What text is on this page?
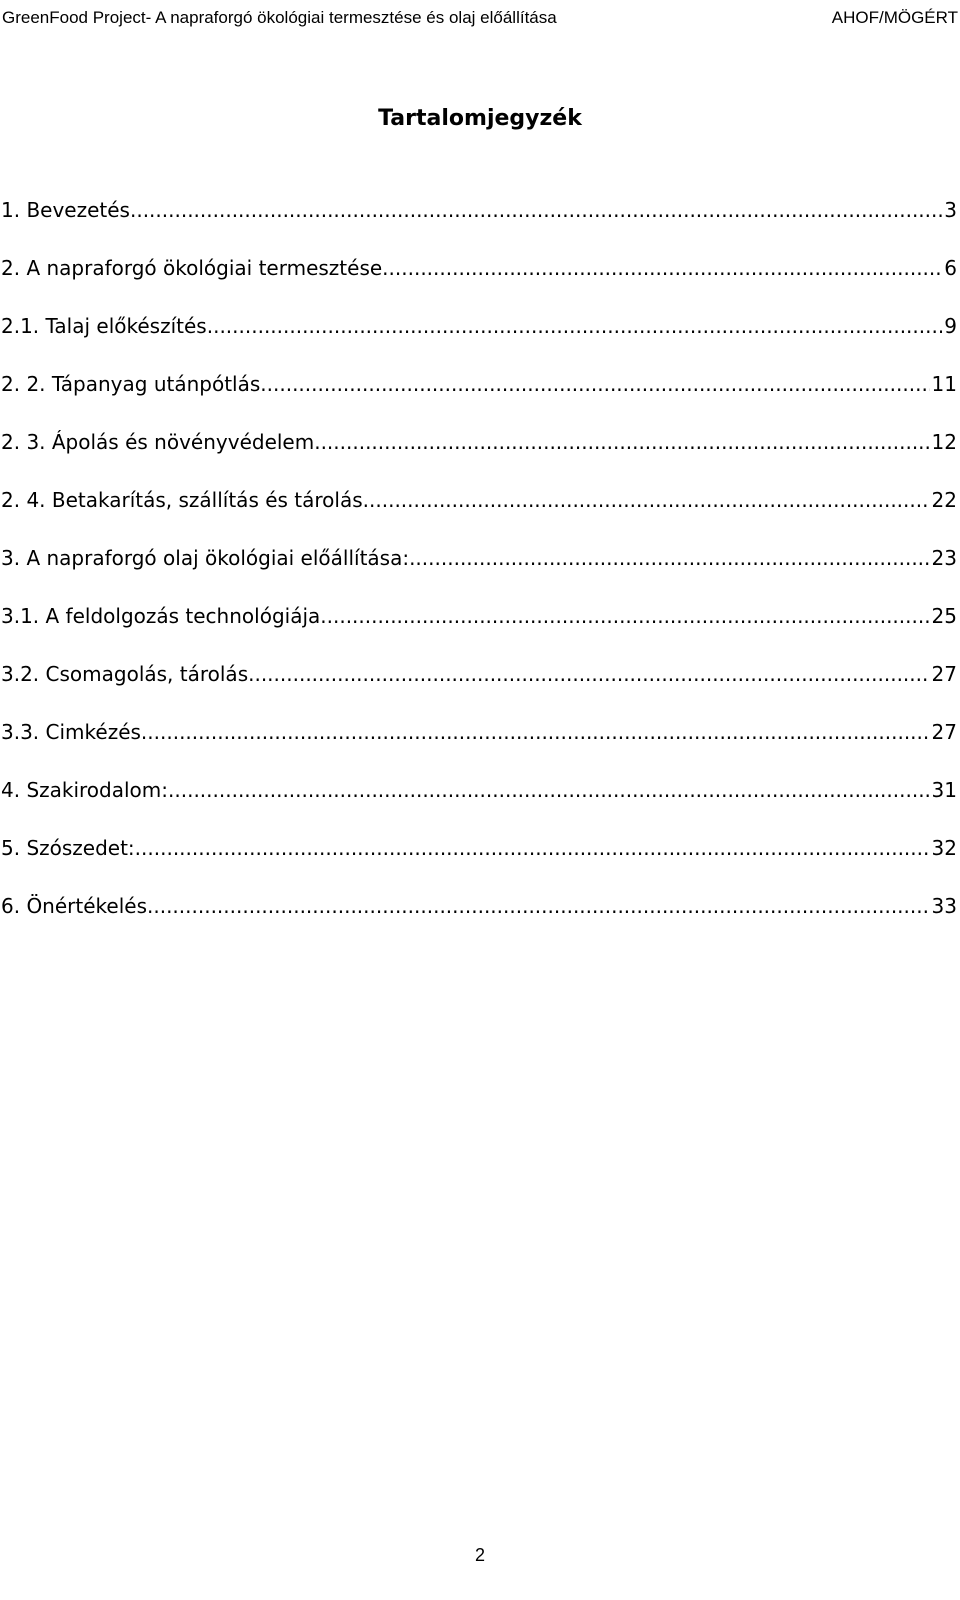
GreenFood Project- A napraforgó ökológiai termesztése és olaj előállítása	AHOF/MÖGÉRT
Tartalomjegyzék
1. Bevezetés .....	3
2. A napraforgó ökológiai termesztése .....	6
2.1. Talaj előkészítés .....	9
2. 2. Tápanyag utánpótlás .....	11
2. 3. Ápolás és növényvédelem .....	12
2. 4. Betakarítás, szállítás és tárolás .....	22
3. A napraforgó olaj ökológiai előállítása: .....	23
3.1. A feldolgozás technológiája .....	25
3.2. Csomagolás, tárolás .....	27
3.3. Cimkézés .....	27
4. Szakirodalom: .....	31
5. Szószedet: .....	32
6. Önértékelés .....	33
2
